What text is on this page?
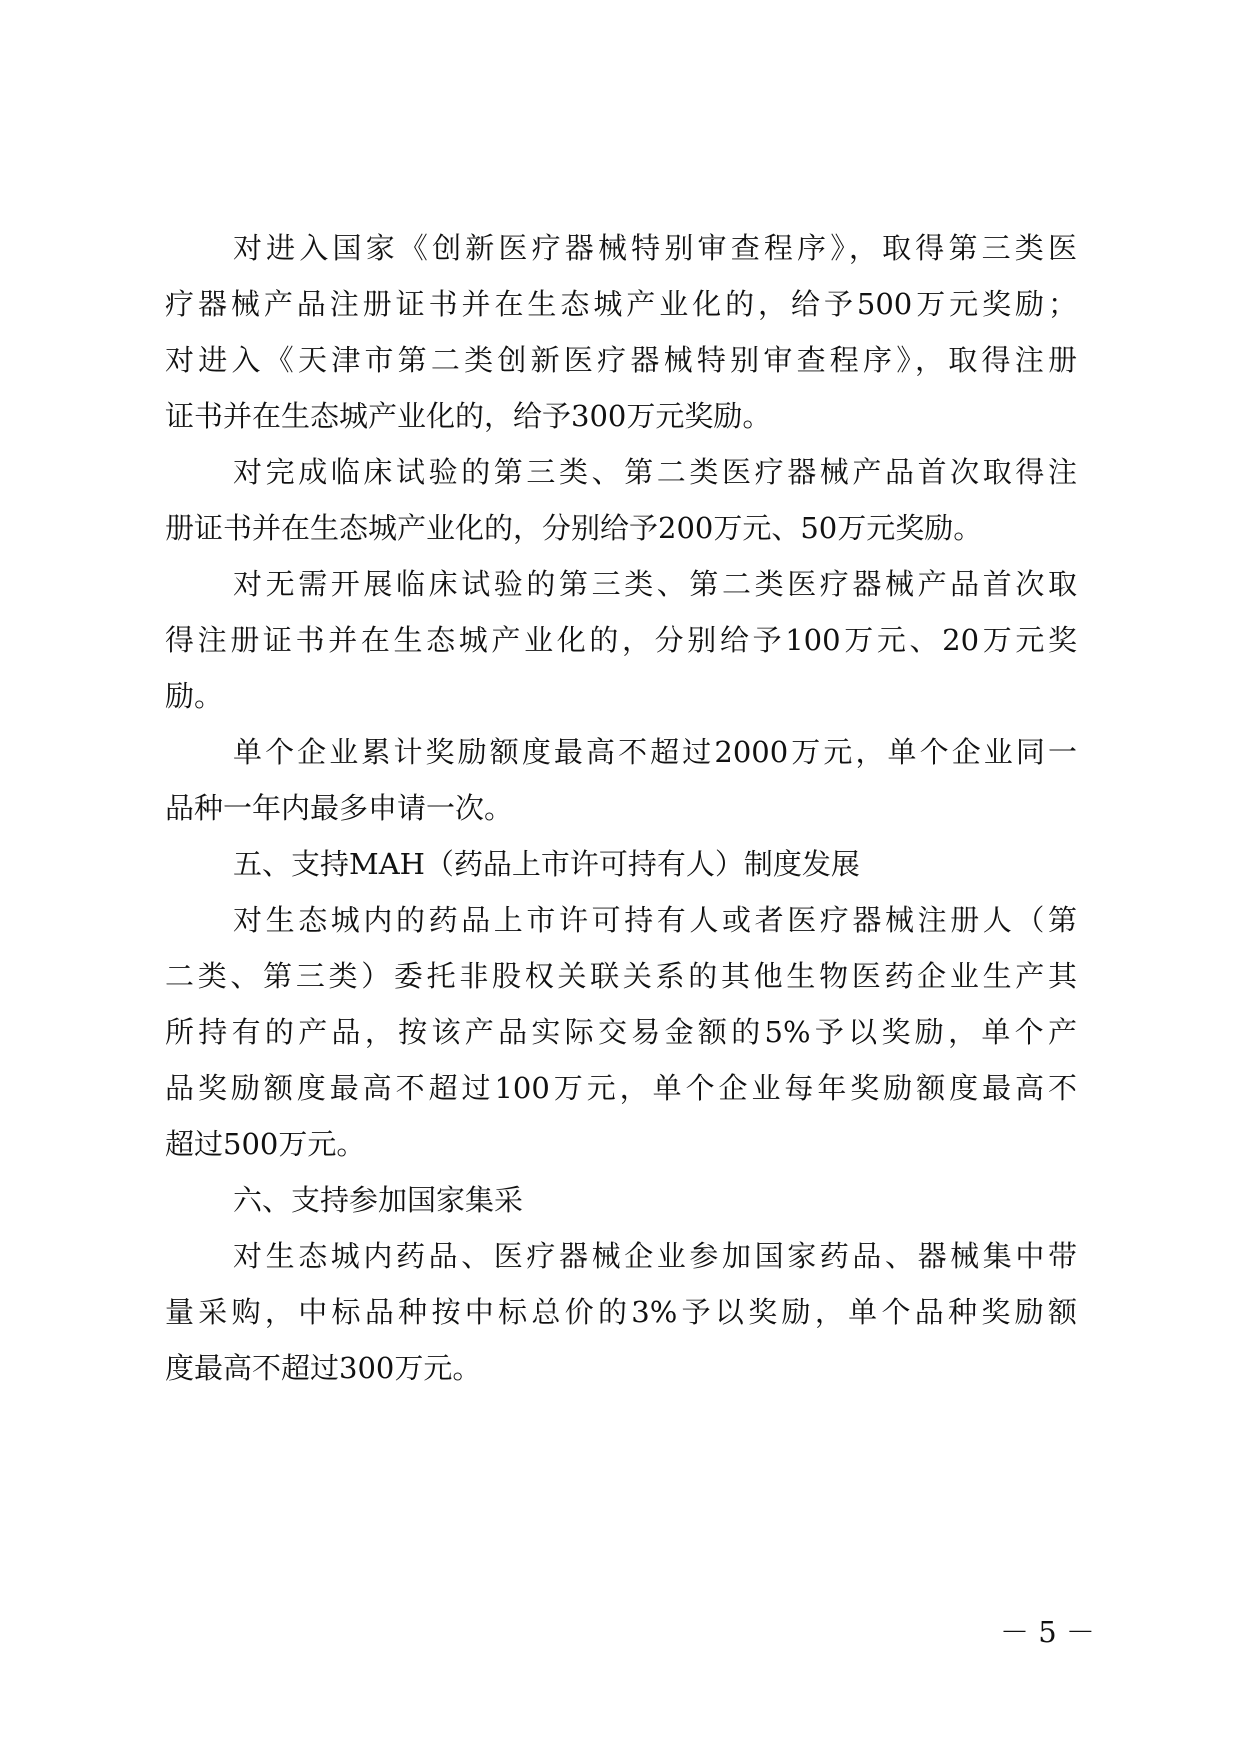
对进入国家《创新医疗器械特别审查程序》，取得第三类医
疗器械产品注册证书并在生态城产业化的，给予500万元奖励；
对进入《天津市第二类创新医疗器械特别审查程序》，取得注册
证书并在生态城产业化的，给予300万元奖励。
对完成临床试验的第三类、第二类医疗器械产品首次取得注
册证书并在生态城产业化的，分别给予200万元、50万元奖励。
对无需开展临床试验的第三类、第二类医疗器械产品首次取
得注册证书并在生态城产业化的，分别给予100万元、20万元奖
励。
单个企业累计奖励额度最高不超过2000万元，单个企业同一
品种一年内最多申请一次。
五、支持MAH（药品上市许可持有人）制度发展
对生态城内的药品上市许可持有人或者医疗器械注册人（第
二类、第三类）委托非股权关联关系的其他生物医药企业生产其
所持有的产品，按该产品实际交易金额的5%予以奖励，单个产
品奖励额度最高不超过100万元，单个企业每年奖励额度最高不
超过500万元。
六、支持参加国家集采
对生态城内药品、医疗器械企业参加国家药品、器械集中带
量采购，中标品种按中标总价的3%予以奖励，单个品种奖励额
度最高不超过300万元。
－ 5 －
